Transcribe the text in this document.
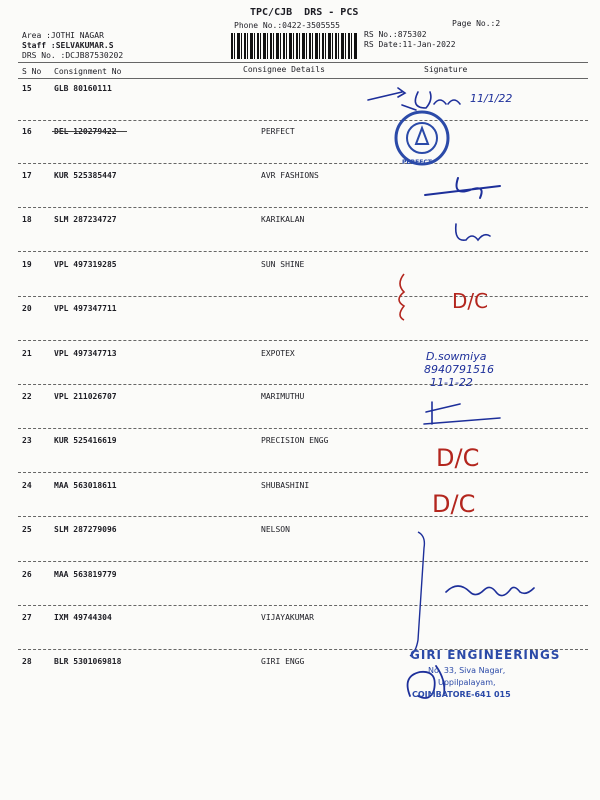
TPC/CJB  DRS - PCS
Phone No.:0422-3505555	Page No.:2
RS No.:875302
RS Date:11-Jan-2022
Area :JOTHI NAGAR
Staff :SELVAKUMAR.S
DRS No. :DCJB87530202
S No Consignment No	Consignee Details	Signature
15	GLB 80160111
16	DEL 120279422	PERFECT
17	KUR 525385447	AVR FASHIONS
18	SLM 287234727	KARIKALAN
19	VPL 497319285	SUN SHINE
20	VPL 497347711
21	VPL 497347713	EXPOTEX
22	VPL 211026707	MARIMUTHU
23	KUR 525416619	PRECISION ENGG
24	MAA 563018611	SHUBASHINI
25	SLM 287279096	NELSON
26	MAA 563819779
27	IXM 49744304	VIJAYAKUMAR
28	BLR 5301069818	GIRI ENGG
11/1/22
D/C
D.sowmiya
8940791516
11-1-22
D/C
D/C
PERFECT
GIRI ENGINEERINGS
No. 33, Siva Nagar,
Uppilpalayam,
COIMBATORE-641 015
